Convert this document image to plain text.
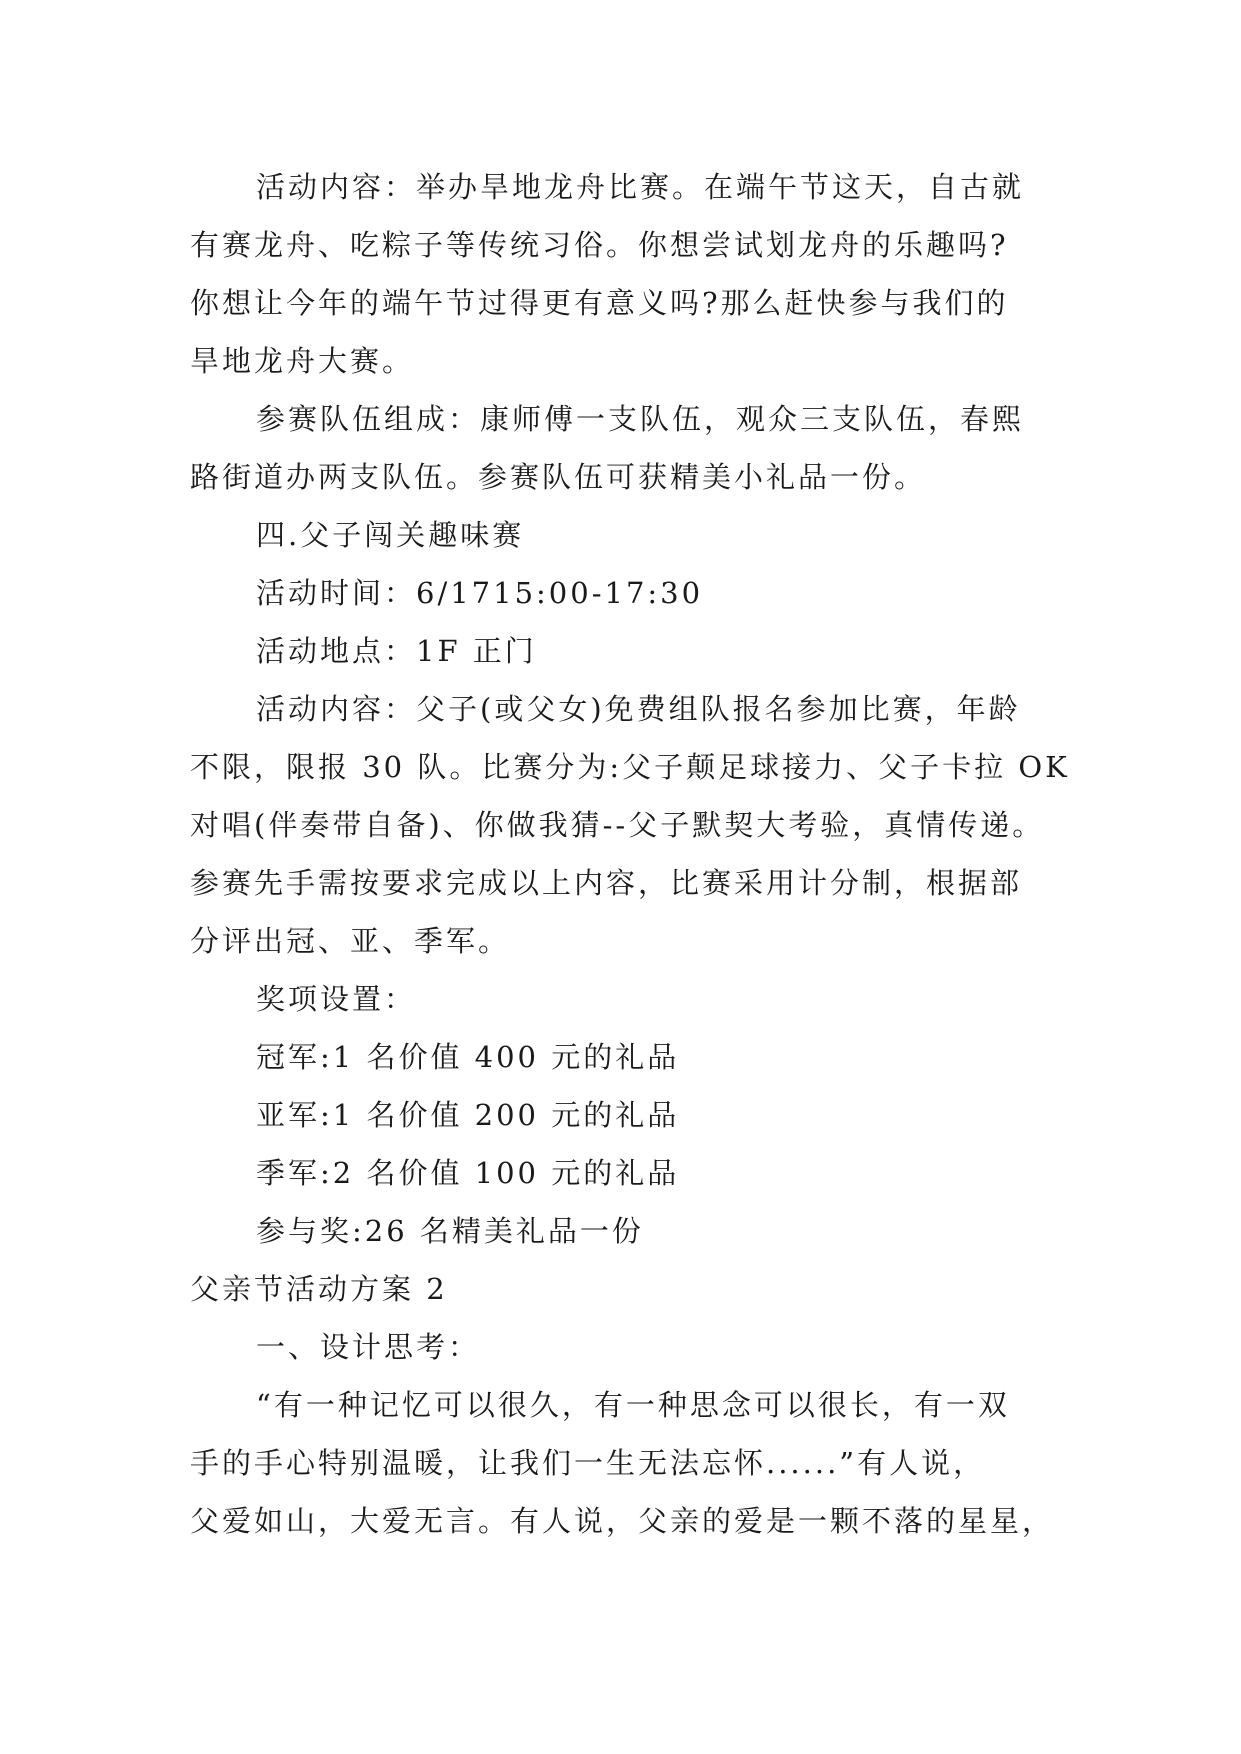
活动内容：举办旱地龙舟比赛。在端午节这天，自古就
有赛龙舟、吃粽子等传统习俗。你想尝试划龙舟的乐趣吗?
你想让今年的端午节过得更有意义吗?那么赶快参与我们的
旱地龙舟大赛。
参赛队伍组成：康师傅一支队伍，观众三支队伍，春熙
路街道办两支队伍。参赛队伍可获精美小礼品一份。
四.父子闯关趣味赛
活动时间：6/1715:00-17:30
活动地点：1F 正门
活动内容：父子(或父女)免费组队报名参加比赛，年龄
不限，限报 30 队。比赛分为:父子颠足球接力、父子卡拉 OK
对唱(伴奏带自备)、你做我猜--父子默契大考验，真情传递。
参赛先手需按要求完成以上内容，比赛采用计分制，根据部
分评出冠、亚、季军。
奖项设置：
冠军:1 名价值 400 元的礼品
亚军:1 名价值 200 元的礼品
季军:2 名价值 100 元的礼品
参与奖:26 名精美礼品一份
父亲节活动方案 2
一、设计思考：
“有一种记忆可以很久，有一种思念可以很长，有一双
手的手心特别温暖，让我们一生无法忘怀......”有人说，
父爱如山，大爱无言。有人说，父亲的爱是一颗不落的星星，
